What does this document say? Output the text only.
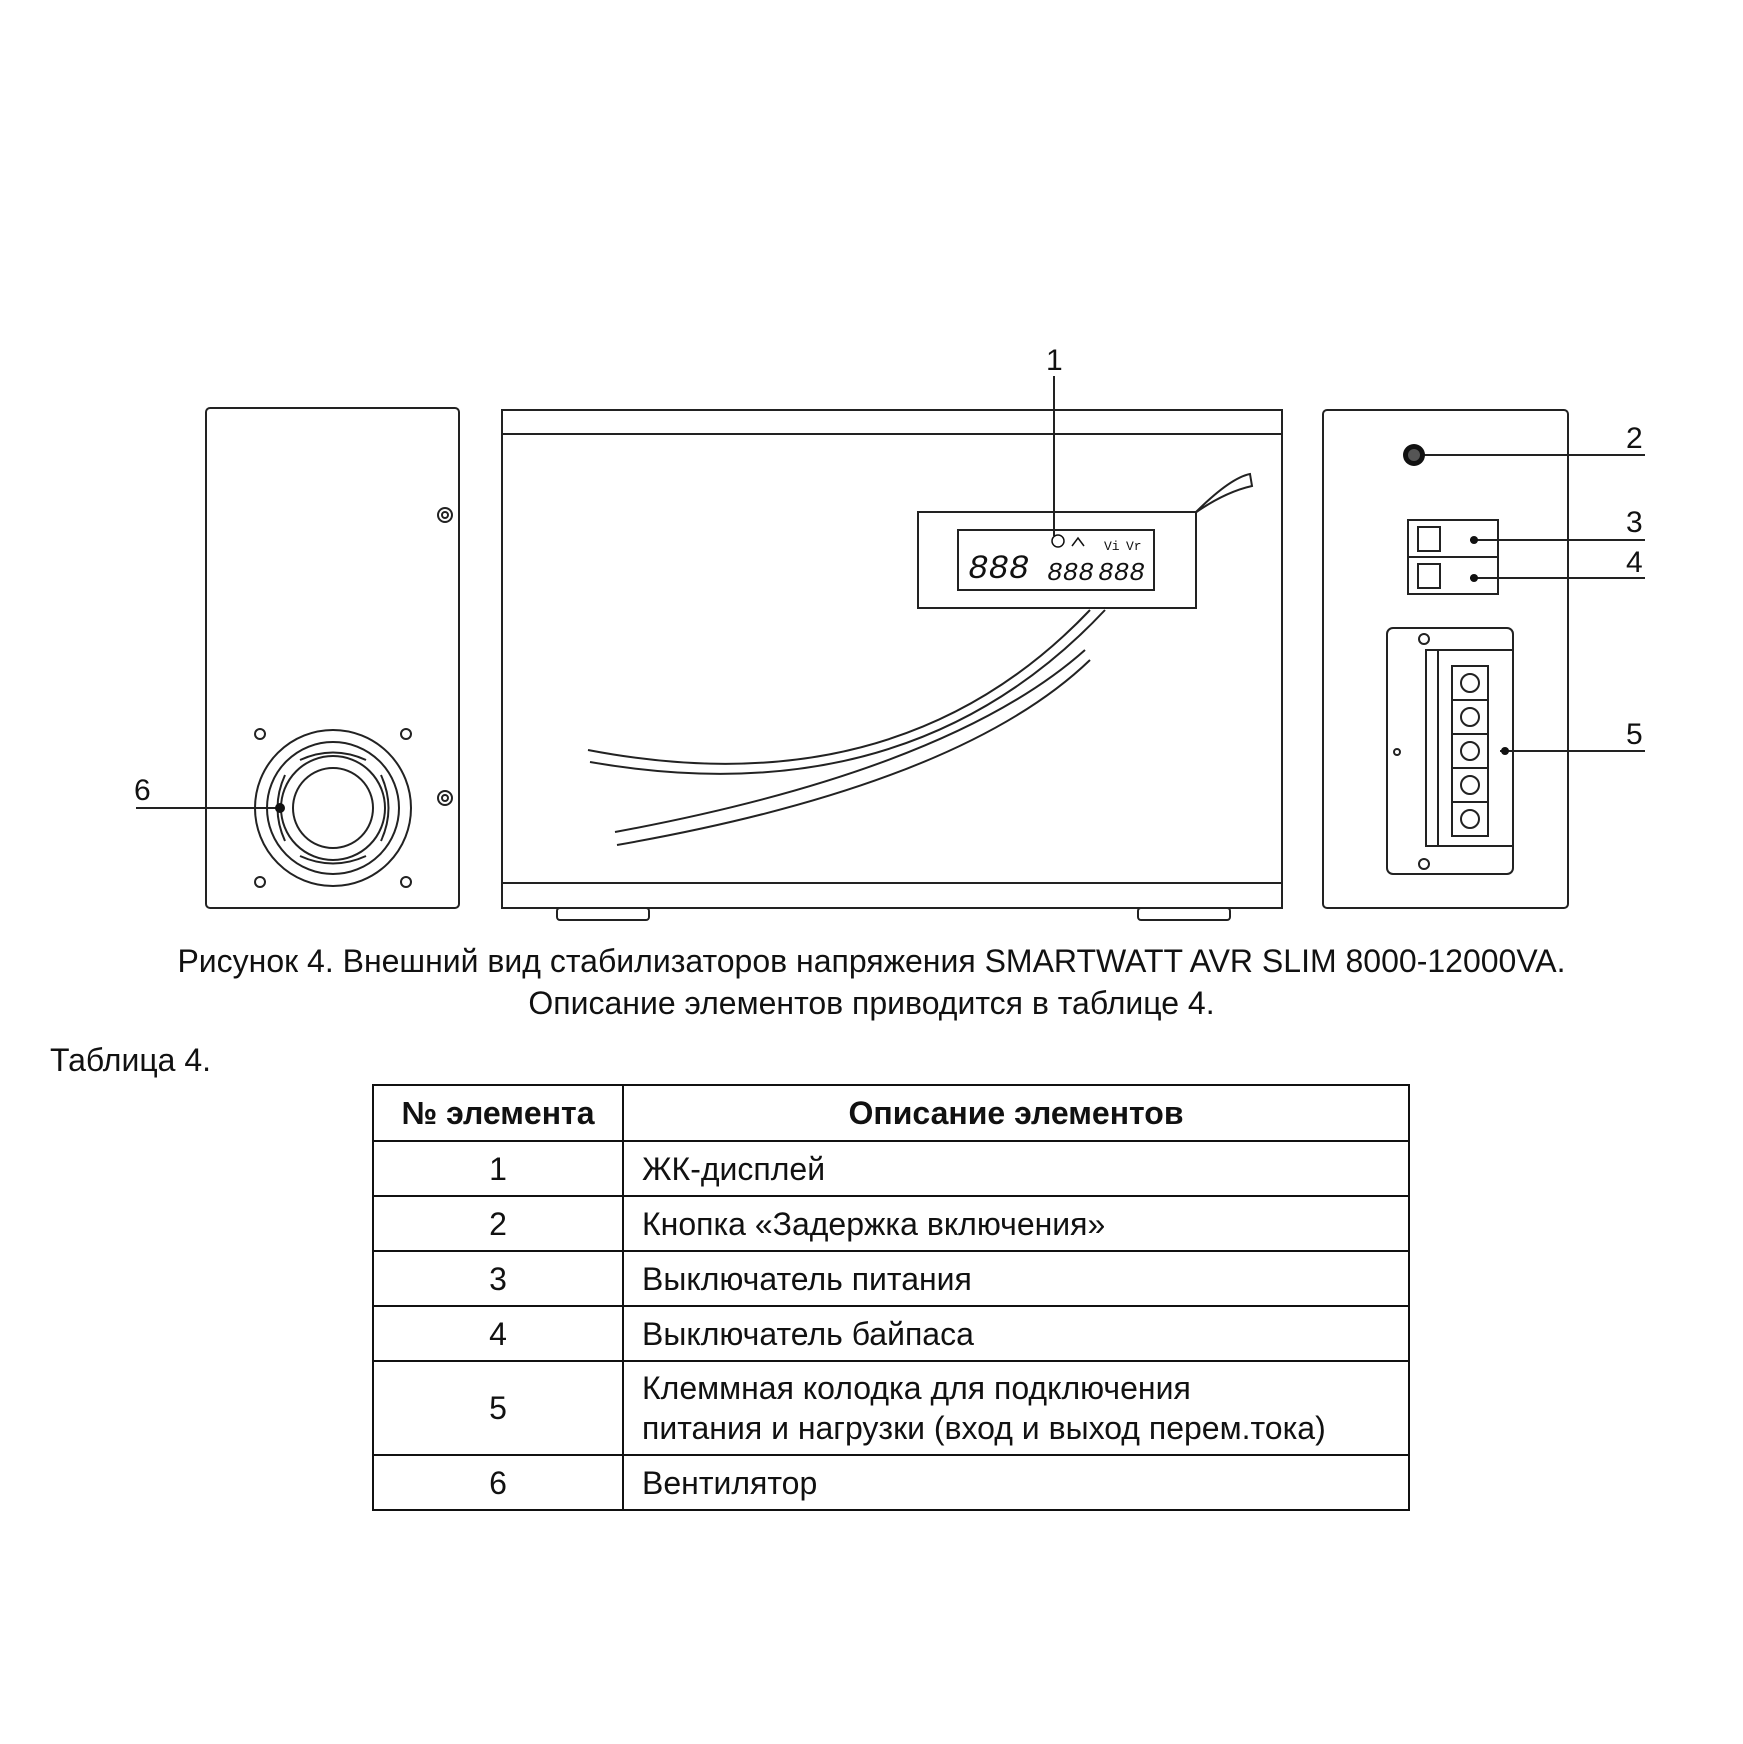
888 888 888
Vi Vr
1
2
3
4
5
6
Рисунок 4. Внешний вид стабилизаторов напряжения SMARTWATT AVR SLIM 8000-12000VA.
Описание элементов приводится в таблице 4.
Таблица 4.
№ элемента	Описание элементов
1	ЖК-дисплей
2	Кнопка «Задержка включения»
3	Выключатель питания
4	Выключатель байпаса
5	Клеммная колодка для подключения
питания и нагрузки (вход и выход перем.тока)

6	Вентилятор
